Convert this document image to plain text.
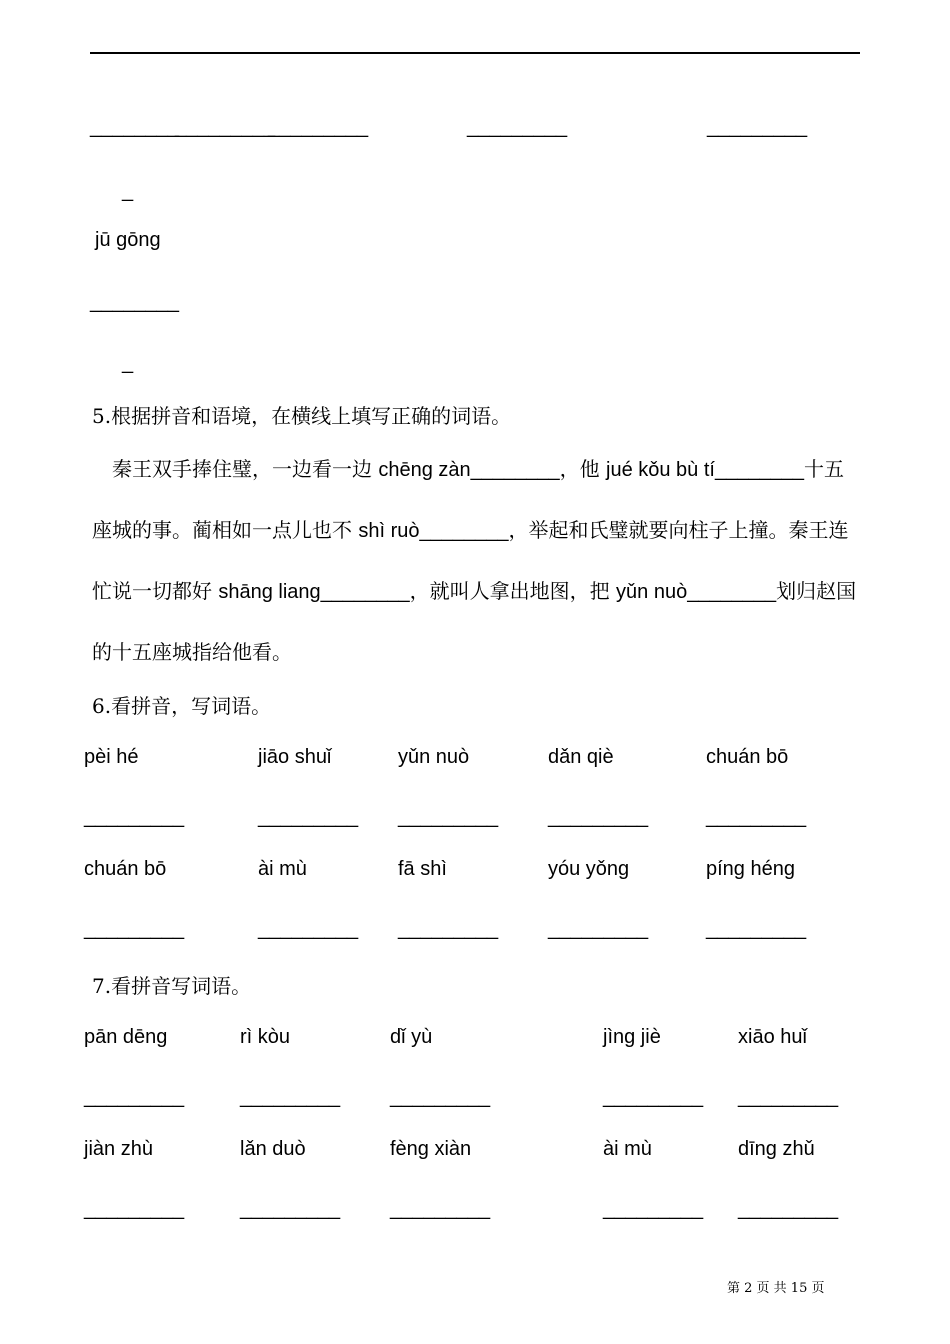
________
_________
_________	_________	_________
_
jū gōng
________
_
5.根据拼音和语境，在横线上填写正确的词语。
秦王双手捧住璧，一边看一边 chēng zàn________，他 jué kǒu bù tí________十五座城的事。蔺相如一点儿也不 shì ruò________，举起和氏璧就要向柱子上撞。秦王连忙说一切都好 shāng liang________，就叫人拿出地图，把 yǔn nuò________划归赵国的十五座城指给他看。
6.看拼音，写词语。
pèi hé	jiāo shuǐ	yǔn nuò	dǎn qiè	chuán bō
_________	_________ _________ _________	_________
chuán bō	ài mù	fā shì	yóu yǒng	píng héng
_________	_________ _________ _________	_________
7.看拼音写词语。
pān dēng	rì kòu	dǐ yù	jìng jiè	xiāo huǐ
_________	_________ _________	_________ _________
jiàn zhù	lǎn duò	fèng xiàn	ài mù	dīng zhǔ
_________	_________ _________	_________ _________
第 2 页 共 15 页
